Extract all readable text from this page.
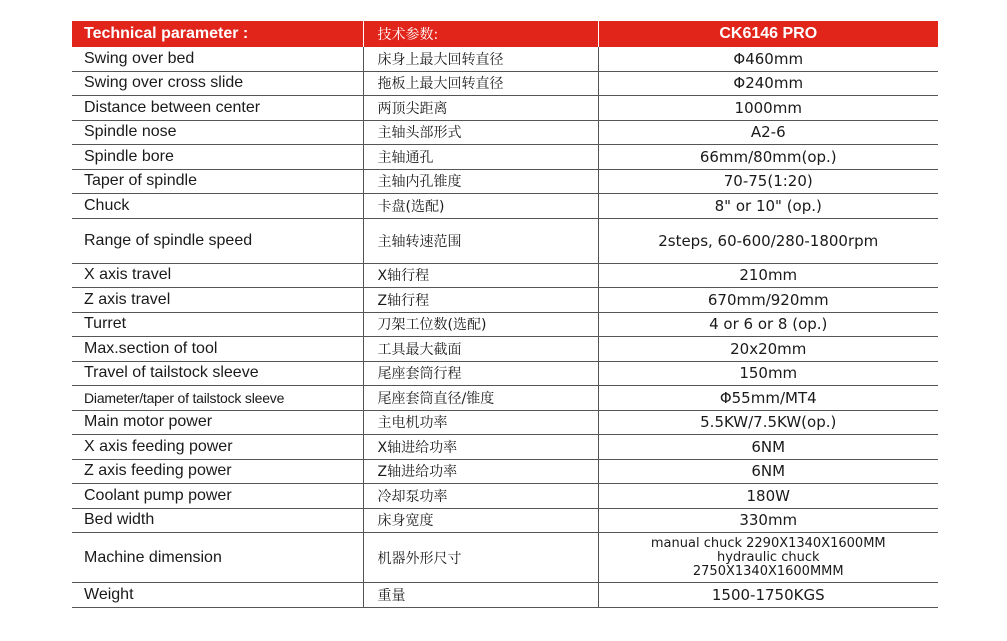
Technical parameter :	技术参数:	CK6146 PRO
Swing over bed	床身上最大回转直径	Φ460mm
Swing over cross slide	拖板上最大回转直径	Φ240mm
Distance between center	两顶尖距离	1000mm
Spindle nose	主轴头部形式	A2-6
Spindle bore	主轴通孔	66mm/80mm(op.)
Taper of spindle	主轴内孔锥度	70-75(1:20)
Chuck	卡盘(选配)	8" or 10" (op.)
Range of spindle speed	主轴转速范围	2steps, 60-600/280-1800rpm
X axis travel	X轴行程	210mm
Z axis travel	Z轴行程	670mm/920mm
Turret	刀架工位数(选配)	4 or 6 or 8 (op.)
Max.section of tool	工具最大截面	20x20mm
Travel of tailstock sleeve	尾座套筒行程	150mm
Diameter/taper of tailstock sleeve	尾座套筒直径/锥度	Φ55mm/MT4
Main motor power	主电机功率	5.5KW/7.5KW(op.)
X axis feeding power	X轴进给功率	6NM
Z axis feeding power	Z轴进给功率	6NM
Coolant pump power	冷却泵功率	180W
Bed width	床身宽度	330mm
Machine dimension	机器外形尺寸	manual chuck 2290X1340X1600MM
hydraulic chuck
2750X1340X1600MMM

Weight	重量	1500-1750KGS
